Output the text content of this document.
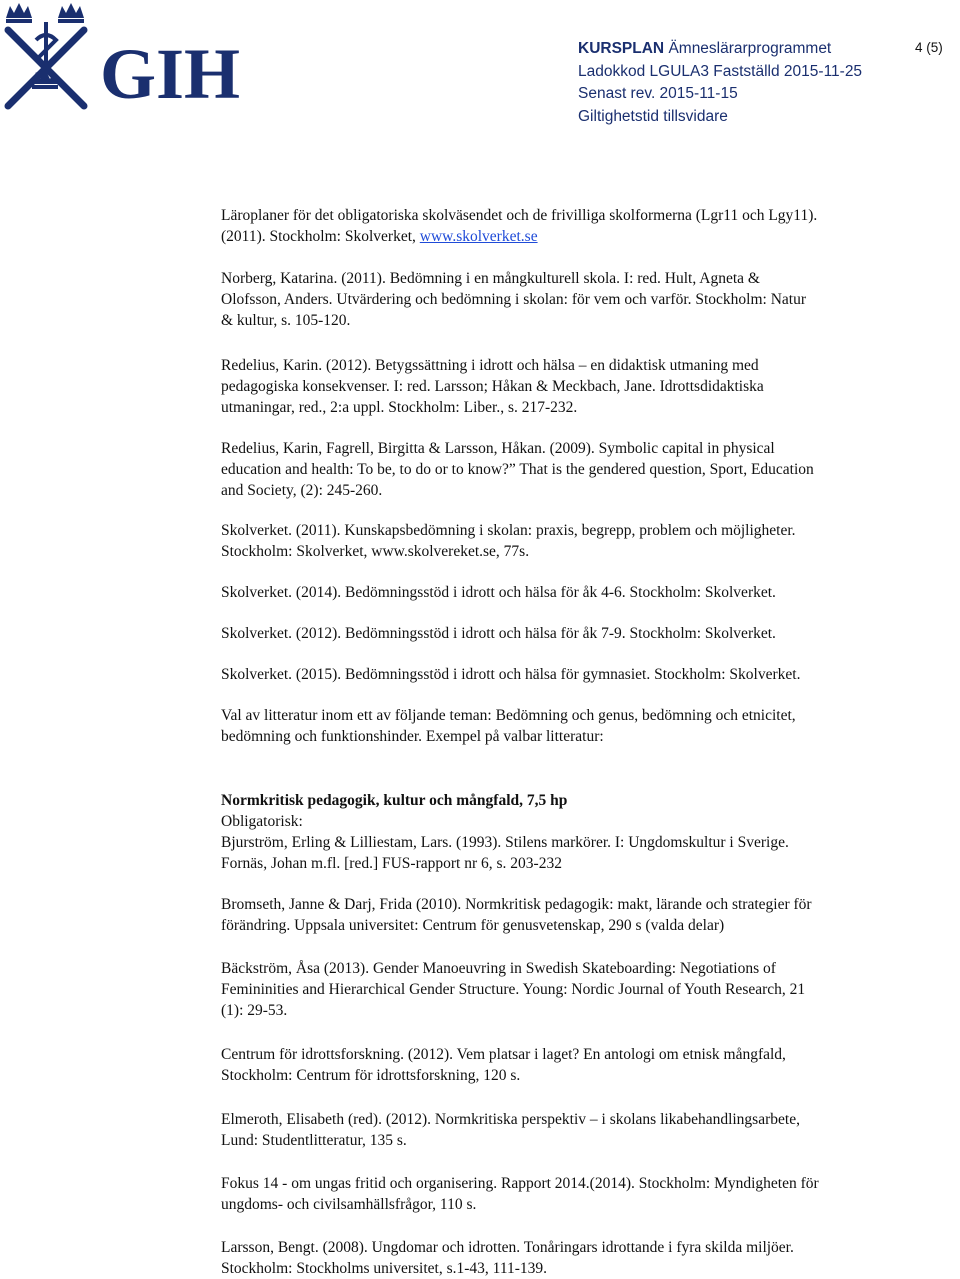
GIH	KURSPLAN Ämneslärarprogrammet
Ladokkod LGULA3 Fastställd 2015-11-25
Senast rev. 2015-11-15
Giltighetstid tillsvidare
4 (5)
Läroplaner för det obligatoriska skolväsendet och de frivilliga skolformerna (Lgr11 och Lgy11).
(2011). Stockholm: Skolverket, www.skolverket.se
Norberg, Katarina. (2011). Bedömning i en mångkulturell skola. I: red. Hult, Agneta &
Olofsson, Anders. Utvärdering och bedömning i skolan: för vem och varför. Stockholm: Natur
& kultur, s. 105-120.
Redelius, Karin. (2012). Betygssättning i idrott och hälsa – en didaktisk utmaning med
pedagogiska konsekvenser. I: red. Larsson; Håkan & Meckbach, Jane. Idrottsdidaktiska
utmaningar, red., 2:a uppl. Stockholm: Liber., s. 217-232.
Redelius, Karin, Fagrell, Birgitta & Larsson, Håkan. (2009). Symbolic capital in physical
education and health: To be, to do or to know?” That is the gendered question, Sport, Education
and Society, (2): 245-260.
Skolverket. (2011). Kunskapsbedömning i skolan: praxis, begrepp, problem och möjligheter.
Stockholm: Skolverket, www.skolvereket.se, 77s.
Skolverket. (2014). Bedömningsstöd i idrott och hälsa för åk 4-6. Stockholm: Skolverket.
Skolverket. (2012). Bedömningsstöd i idrott och hälsa för åk 7-9. Stockholm: Skolverket.
Skolverket. (2015). Bedömningsstöd i idrott och hälsa för gymnasiet. Stockholm: Skolverket.
Val av litteratur inom ett av följande teman: Bedömning och genus, bedömning och etnicitet,
bedömning och funktionshinder. Exempel på valbar litteratur:
Normkritisk pedagogik, kultur och mångfald, 7,5 hp
Obligatorisk:
Bjurström, Erling & Lilliestam, Lars. (1993). Stilens markörer. I: Ungdomskultur i Sverige.
Fornäs, Johan m.fl. [red.] FUS-rapport nr 6, s. 203-232
Bromseth, Janne & Darj, Frida (2010). Normkritisk pedagogik: makt, lärande och strategier för
förändring. Uppsala universitet: Centrum för genusvetenskap, 290 s (valda delar)
Bäckström, Åsa (2013). Gender Manoeuvring in Swedish Skateboarding: Negotiations of
Femininities and Hierarchical Gender Structure. Young: Nordic Journal of Youth Research, 21
(1): 29-53.
Centrum för idrottsforskning. (2012). Vem platsar i laget? En antologi om etnisk mångfald,
Stockholm: Centrum för idrottsforskning, 120 s.
Elmeroth, Elisabeth (red). (2012). Normkritiska perspektiv – i skolans likabehandlingsarbete,
Lund: Studentlitteratur, 135 s.
Fokus 14 - om ungas fritid och organisering. Rapport 2014.(2014). Stockholm: Myndigheten för
ungdoms- och civilsamhällsfrågor, 110 s.
Larsson, Bengt. (2008). Ungdomar och idrotten. Tonåringars idrottande i fyra skilda miljöer.
Stockholm: Stockholms universitet, s.1-43, 111-139.
